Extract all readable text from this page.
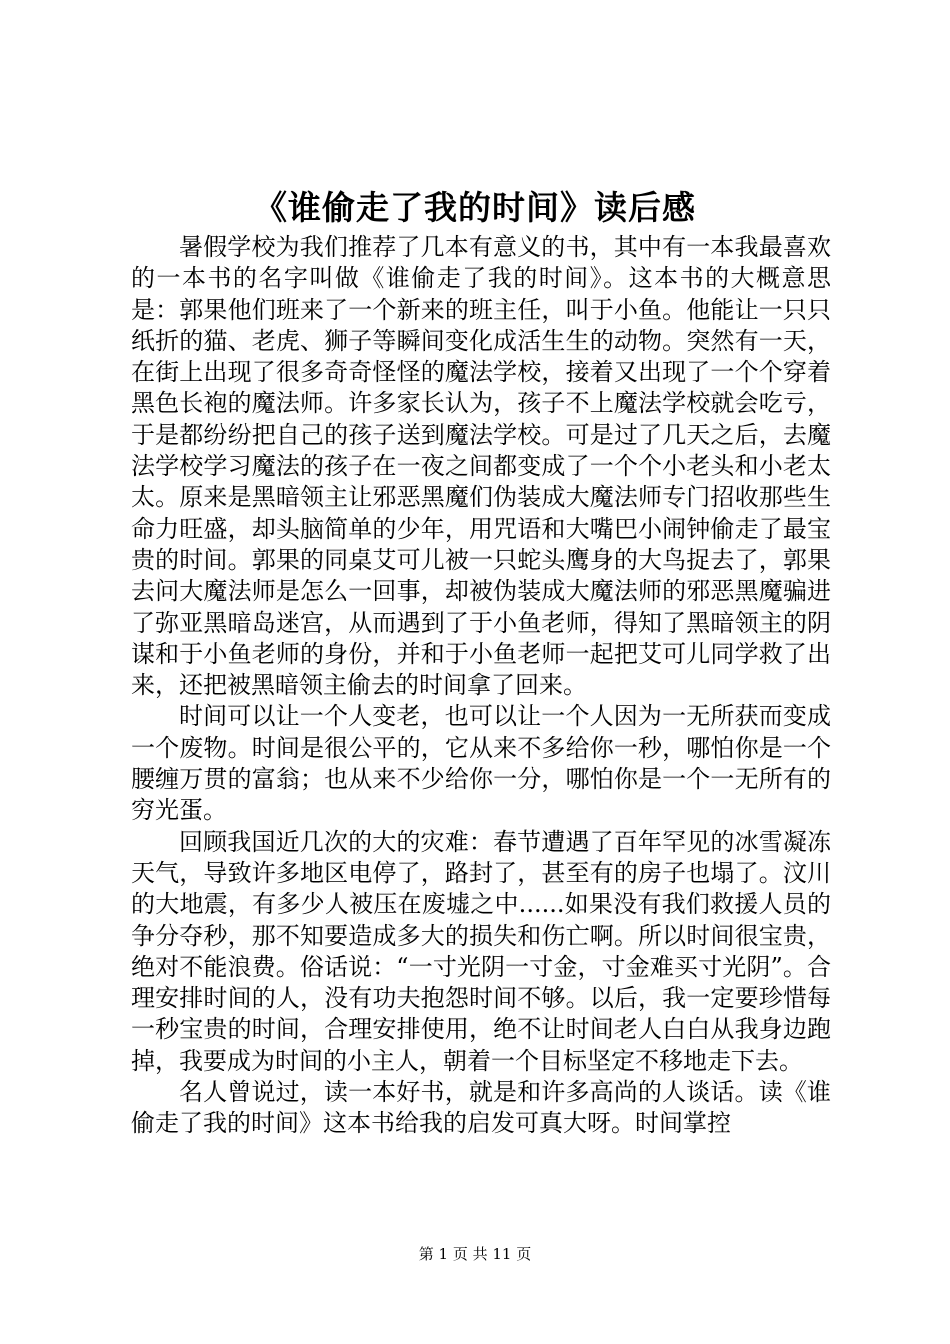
《谁偷走了我的时间》读后感

暑假学校为我们推荐了几本有意义的书，其中有一本我最喜欢的一本书的名字叫做《谁偷走了我的时间》。这本书的大概意思是：郭果他们班来了一个新来的班主任，叫于小鱼。他能让一只只纸折的猫、老虎、狮子等瞬间变化成活生生的动物。突然有一天，在街上出现了很多奇奇怪怪的魔法学校，接着又出现了一个个穿着黑色长袍的魔法师。许多家长认为，孩子不上魔法学校就会吃亏，于是都纷纷把自己的孩子送到魔法学校。可是过了几天之后，去魔法学校学习魔法的孩子在一夜之间都变成了一个个小老头和小老太太。原来是黑暗领主让邪恶黑魔们伪装成大魔法师专门招收那些生命力旺盛，却头脑简单的少年，用咒语和大嘴巴小闹钟偷走了最宝贵的时间。郭果的同桌艾可儿被一只蛇头鹰身的大鸟捉去了，郭果去问大魔法师是怎么一回事，却被伪装成大魔法师的邪恶黑魔骗进了弥亚黑暗岛迷宫，从而遇到了于小鱼老师，得知了黑暗领主的阴谋和于小鱼老师的身份，并和于小鱼老师一起把艾可儿同学救了出来，还把被黑暗领主偷去的时间拿了回来。

时间可以让一个人变老，也可以让一个人因为一无所获而变成一个废物。时间是很公平的，它从来不多给你一秒，哪怕你是一个腰缠万贯的富翁；也从来不少给你一分，哪怕你是一个一无所有的穷光蛋。

回顾我国近几次的大的灾难：春节遭遇了百年罕见的冰雪凝冻天气，导致许多地区电停了，路封了，甚至有的房子也塌了。汶川的大地震，有多少人被压在废墟之中......如果没有我们救援人员的争分夺秒，那不知要造成多大的损失和伤亡啊。所以时间很宝贵，绝对不能浪费。俗话说：“一寸光阴一寸金，寸金难买寸光阴”。合理安排时间的人，没有功夫抱怨时间不够。以后，我一定要珍惜每一秒宝贵的时间，合理安排使用，绝不让时间老人白白从我身边跑掉，我要成为时间的小主人，朝着一个目标坚定不移地走下去。

名人曾说过，读一本好书，就是和许多高尚的人谈话。读《谁偷走了我的时间》这本书给我的启发可真大呀。时间掌控

第 1 页 共 11 页
